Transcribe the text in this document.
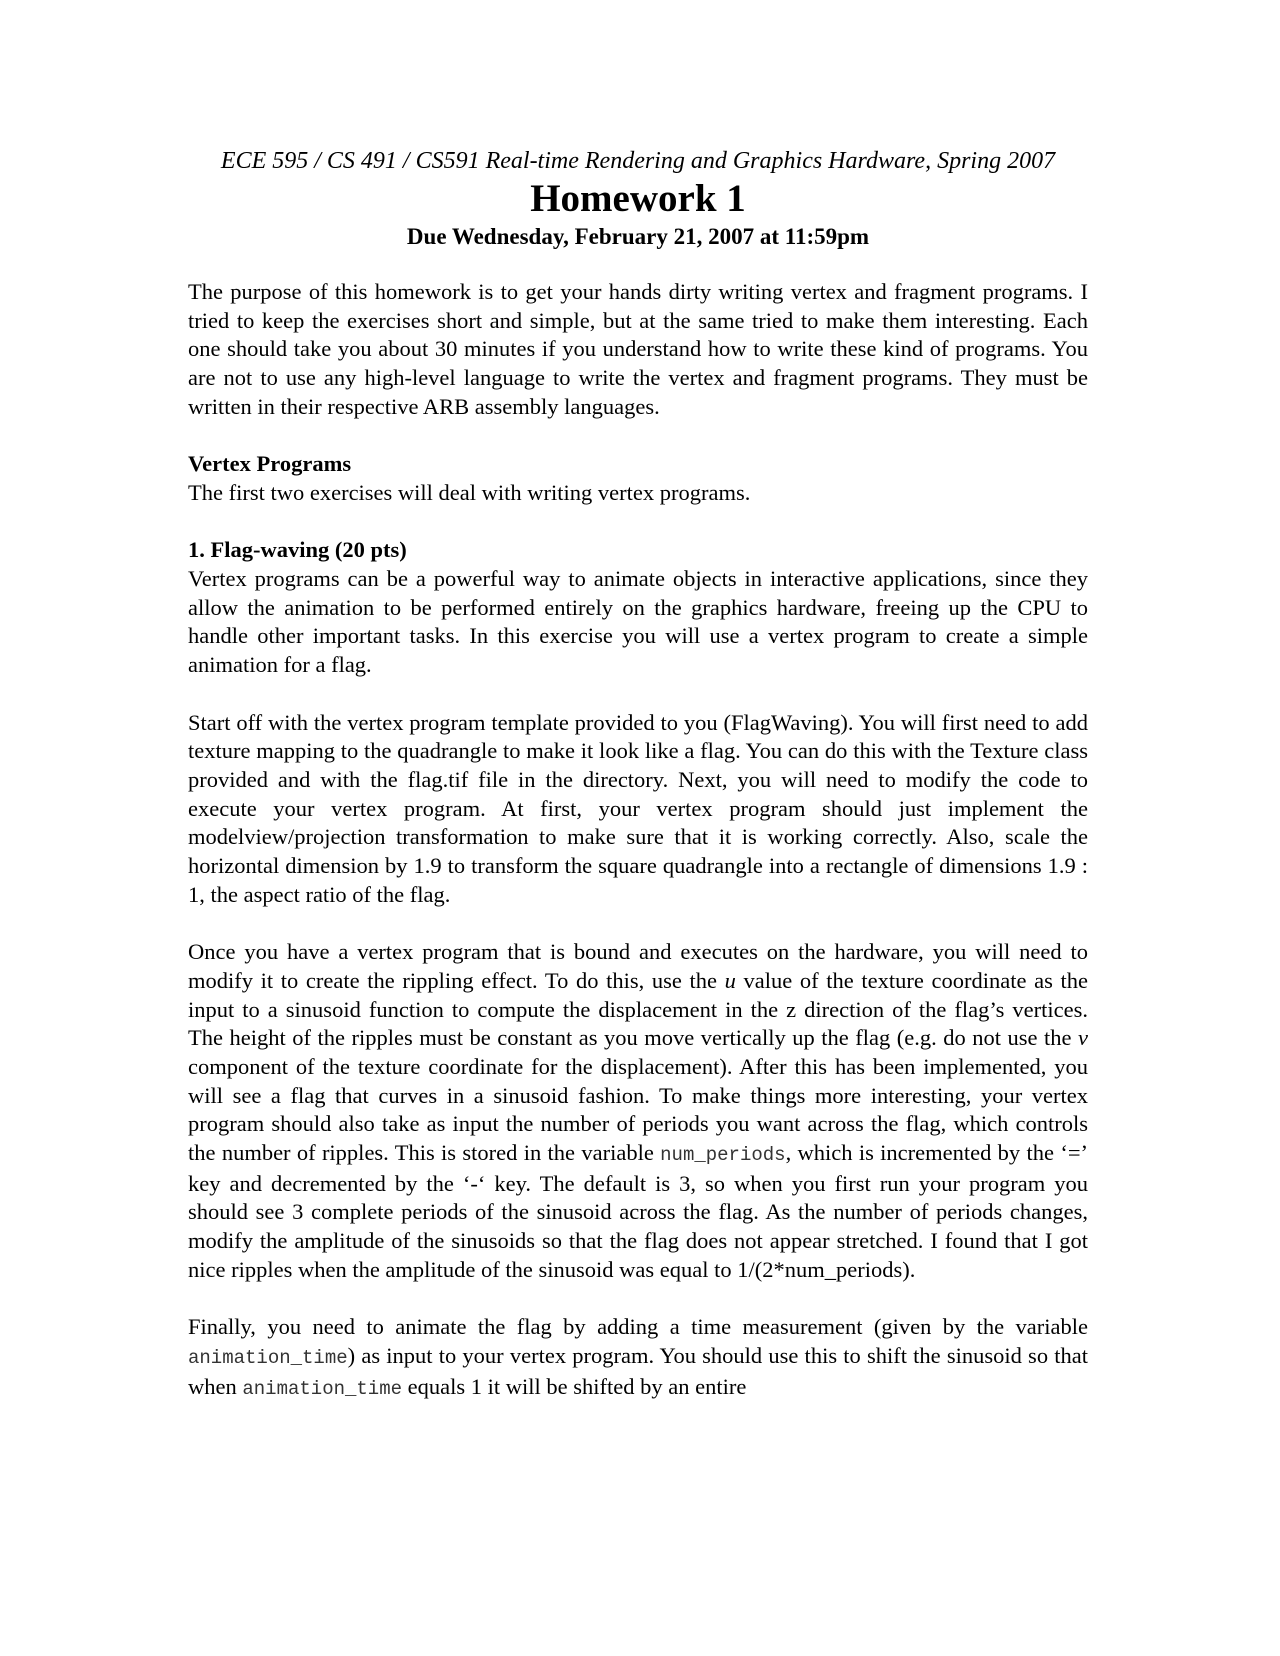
ECE 595 / CS 491 / CS591 Real-time Rendering and Graphics Hardware, Spring 2007
Homework 1
Due Wednesday, February 21, 2007 at 11:59pm

The purpose of this homework is to get your hands dirty writing vertex and fragment programs. I tried to keep the exercises short and simple, but at the same tried to make them interesting. Each one should take you about 30 minutes if you understand how to write these kind of programs. You are not to use any high-level language to write the vertex and fragment programs. They must be written in their respective ARB assembly languages.

Vertex Programs

The first two exercises will deal with writing vertex programs.

1. Flag-waving (20 pts)

Vertex programs can be a powerful way to animate objects in interactive applications, since they allow the animation to be performed entirely on the graphics hardware, freeing up the CPU to handle other important tasks. In this exercise you will use a vertex program to create a simple animation for a flag.

Start off with the vertex program template provided to you (FlagWaving). You will first need to add texture mapping to the quadrangle to make it look like a flag. You can do this with the Texture class provided and with the flag.tif file in the directory. Next, you will need to modify the code to execute your vertex program. At first, your vertex program should just implement the modelview/projection transformation to make sure that it is working correctly. Also, scale the horizontal dimension by 1.9 to transform the square quadrangle into a rectangle of dimensions 1.9 : 1, the aspect ratio of the flag.

Once you have a vertex program that is bound and executes on the hardware, you will need to modify it to create the rippling effect. To do this, use the u value of the texture coordinate as the input to a sinusoid function to compute the displacement in the z direction of the flag’s vertices. The height of the ripples must be constant as you move vertically up the flag (e.g. do not use the v component of the texture coordinate for the displacement). After this has been implemented, you will see a flag that curves in a sinusoid fashion. To make things more interesting, your vertex program should also take as input the number of periods you want across the flag, which controls the number of ripples. This is stored in the variable num_periods, which is incremented by the ‘=’ key and decremented by the ‘-‘ key. The default is 3, so when you first run your program you should see 3 complete periods of the sinusoid across the flag. As the number of periods changes, modify the amplitude of the sinusoids so that the flag does not appear stretched. I found that I got nice ripples when the amplitude of the sinusoid was equal to 1/(2*num_periods).

Finally, you need to animate the flag by adding a time measurement (given by the variable animation_time) as input to your vertex program. You should use this to shift the sinusoid so that when animation_time equals 1 it will be shifted by an entire
